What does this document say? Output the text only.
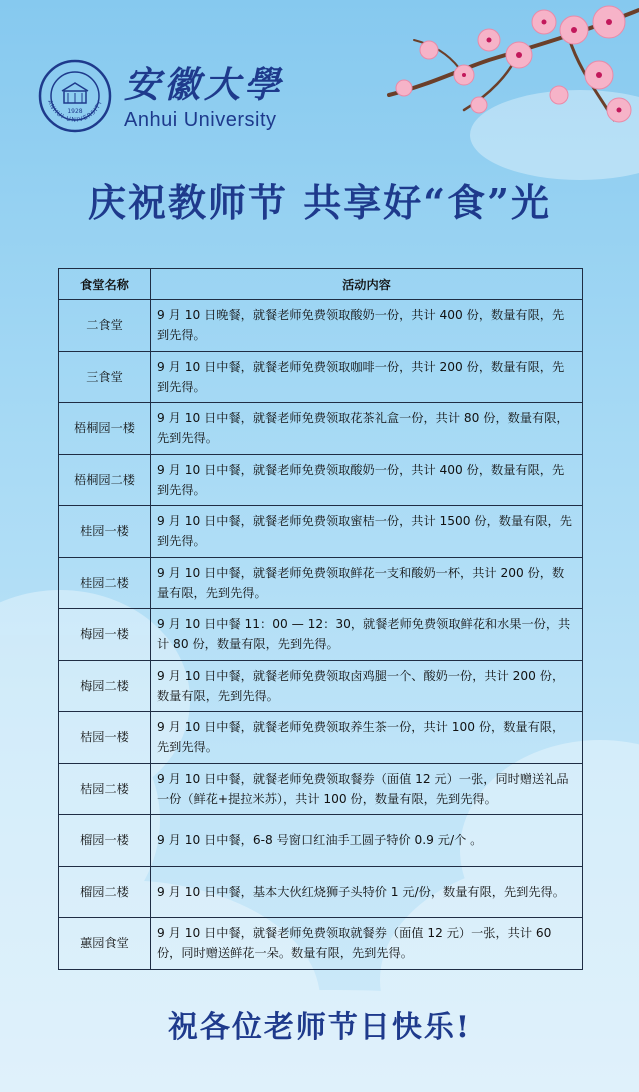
1928
ANHUI UNIVERSITY 安徽大學
Anhui University
庆祝教师节 共享好“食”光
食堂名称	活动内容
二食堂	9 月 10 日晚餐，就餐老师免费领取酸奶一份，共计 400 份，数量有限，先到先得。
三食堂	9 月 10 日中餐，就餐老师免费领取咖啡一份，共计 200 份，数量有限，先到先得。
梧桐园一楼	9 月 10 日中餐，就餐老师免费领取花茶礼盒一份，共计 80 份，数量有限，先到先得。
梧桐园二楼	9 月 10 日中餐，就餐老师免费领取酸奶一份，共计 400 份，数量有限，先到先得。
桂园一楼	9 月 10 日中餐，就餐老师免费领取蜜桔一份，共计 1500 份，数量有限，先到先得。
桂园二楼	9 月 10 日中餐，就餐老师免费领取鲜花一支和酸奶一杯，共计 200 份，数量有限，先到先得。
梅园一楼	9 月 10 日中餐 11：00 — 12：30，就餐老师免费领取鲜花和水果一份，共计 80 份，数量有限，先到先得。
梅园二楼	9 月 10 日中餐，就餐老师免费领取卤鸡腿一个、酸奶一份，共计 200 份，数量有限，先到先得。
桔园一楼	9 月 10 日中餐，就餐老师免费领取养生茶一份，共计 100 份，数量有限，先到先得。
桔园二楼	9 月 10 日中餐，就餐老师免费领取餐券（面值 12 元）一张，同时赠送礼品一份（鲜花+提拉米苏），共计 100 份，数量有限，先到先得。
榴园一楼	9 月 10 日中餐，6-8 号窗口红油手工圆子特价 0.9 元/个 。
榴园二楼	9 月 10 日中餐，基本大伙红烧狮子头特价 1 元/份，数量有限，先到先得。
蕙园食堂	9 月 10 日中餐，就餐老师免费领取就餐券（面值 12 元）一张，共计 60 份，同时赠送鲜花一朵。数量有限，先到先得。
祝各位老师节日快乐!
